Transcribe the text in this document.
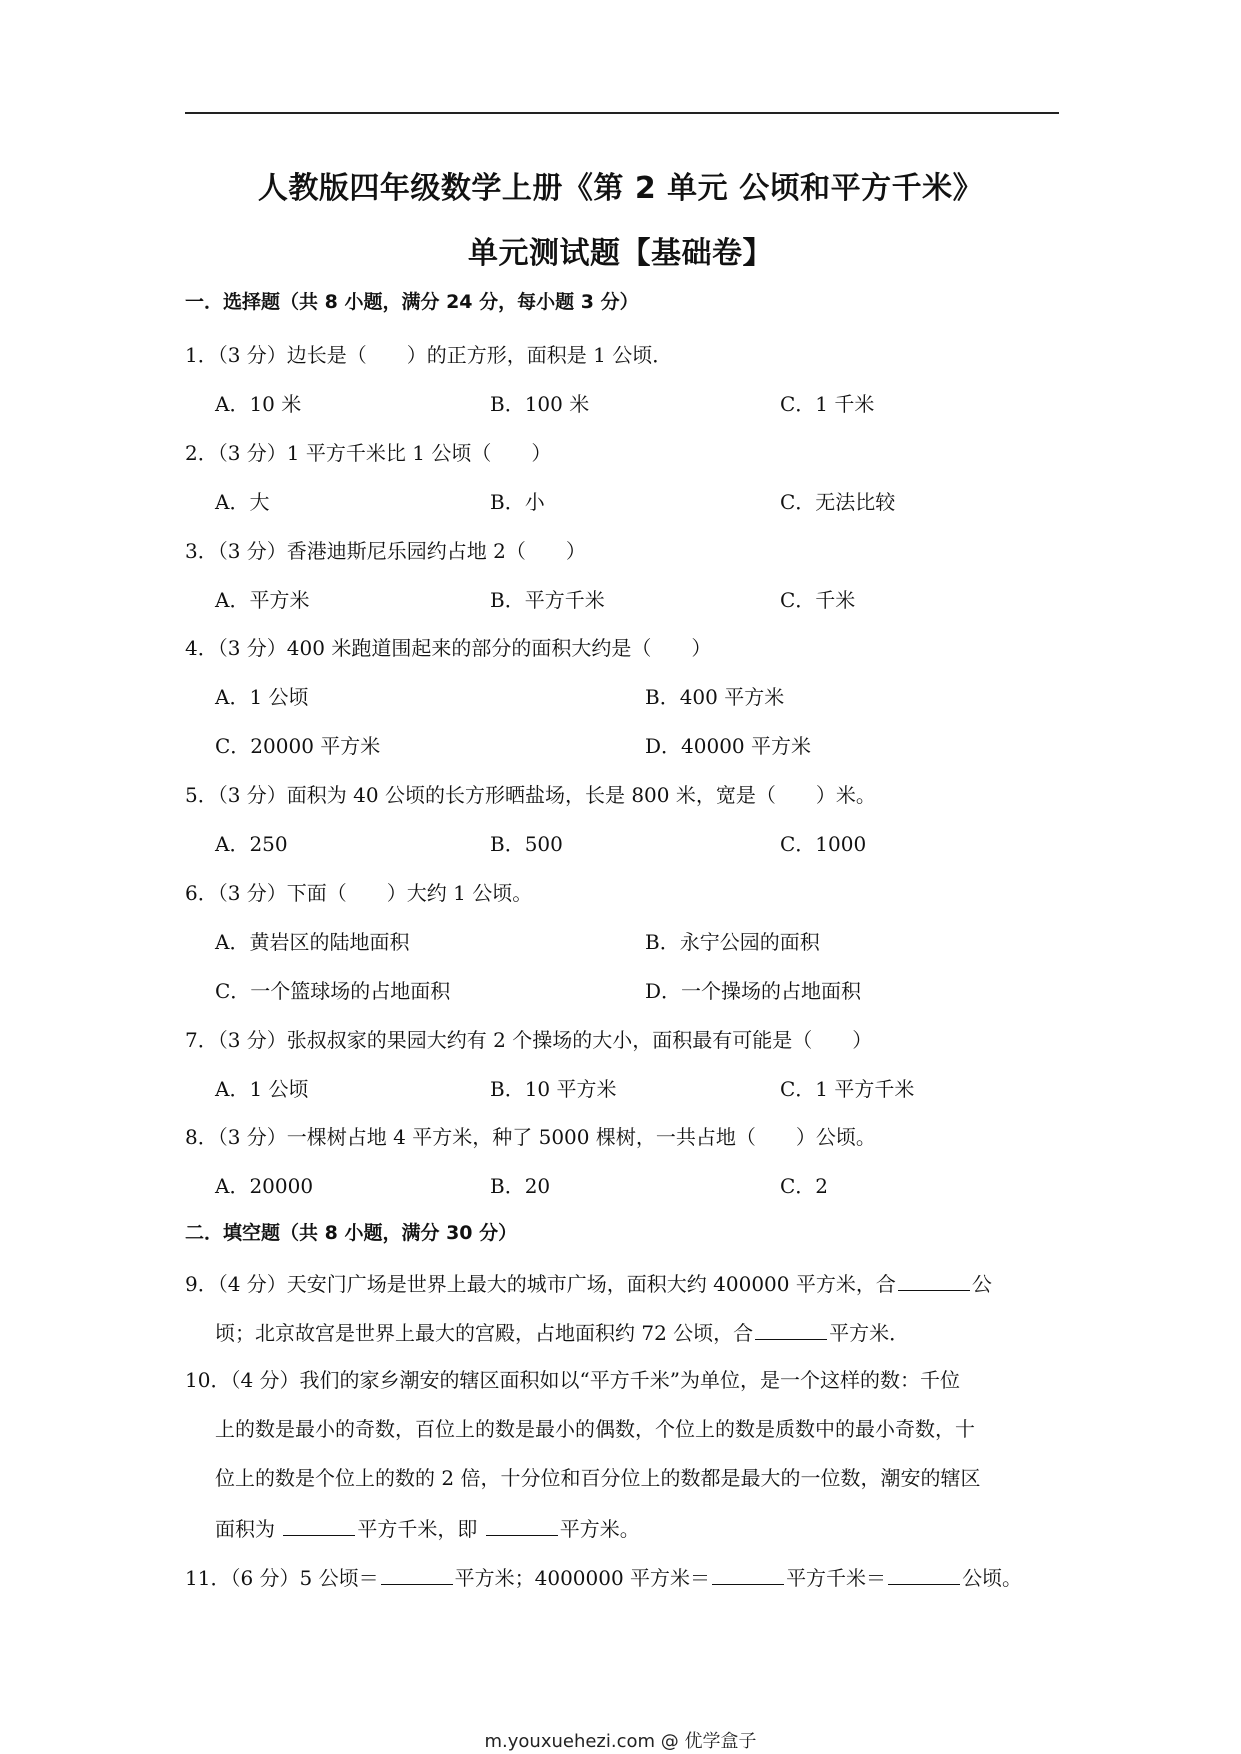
人教版四年级数学上册《第 2 单元 公顷和平方千米》
单元测试题【基础卷】
一．选择题（共 8 小题，满分 24 分，每小题 3 分）
1．（3 分）边长是（　　）的正方形，面积是 1 公顷．
A．10 米	B．100 米	C．1 千米
2．（3 分）1 平方千米比 1 公顷（　　）
A．大	B．小	C．无法比较
3．（3 分）香港迪斯尼乐园约占地 2（　　）
A．平方米	B．平方千米	C．千米
4．（3 分）400 米跑道围起来的部分的面积大约是（　　）
A．1 公顷	B．400 平方米
C．20000 平方米	D．40000 平方米
5．（3 分）面积为 40 公顷的长方形晒盐场，长是 800 米，宽是（　　）米。
A．250	B．500	C．1000
6．（3 分）下面（　　）大约 1 公顷。
A．黄岩区的陆地面积	B．永宁公园的面积
C．一个篮球场的占地面积	D．一个操场的占地面积
7．（3 分）张叔叔家的果园大约有 2 个操场的大小，面积最有可能是（　　）
A．1 公顷	B．10 平方米	C．1 平方千米
8．（3 分）一棵树占地 4 平方米，种了 5000 棵树，一共占地（　　）公顷。
A．20000	B．20	C．2
二．填空题（共 8 小题，满分 30 分）
9．（4 分）天安门广场是世界上最大的城市广场，面积大约 400000 平方米，合	公
顷；北京故宫是世界上最大的宫殿，占地面积约 72 公顷，合	平方米．
10．（4 分）我们的家乡潮安的辖区面积如以“平方千米”为单位，是一个这样的数：千位
上的数是最小的奇数，百位上的数是最小的偶数，个位上的数是质数中的最小奇数，十
位上的数是个位上的数的 2 倍，十分位和百分位上的数都是最大的一位数，潮安的辖区
面积为	平方千米，即	平方米。
11．（6 分）5 公顷＝	平方米；4000000 平方米＝	平方千米＝	公顷。
m.youxuehezi.com @ 优学盒子
